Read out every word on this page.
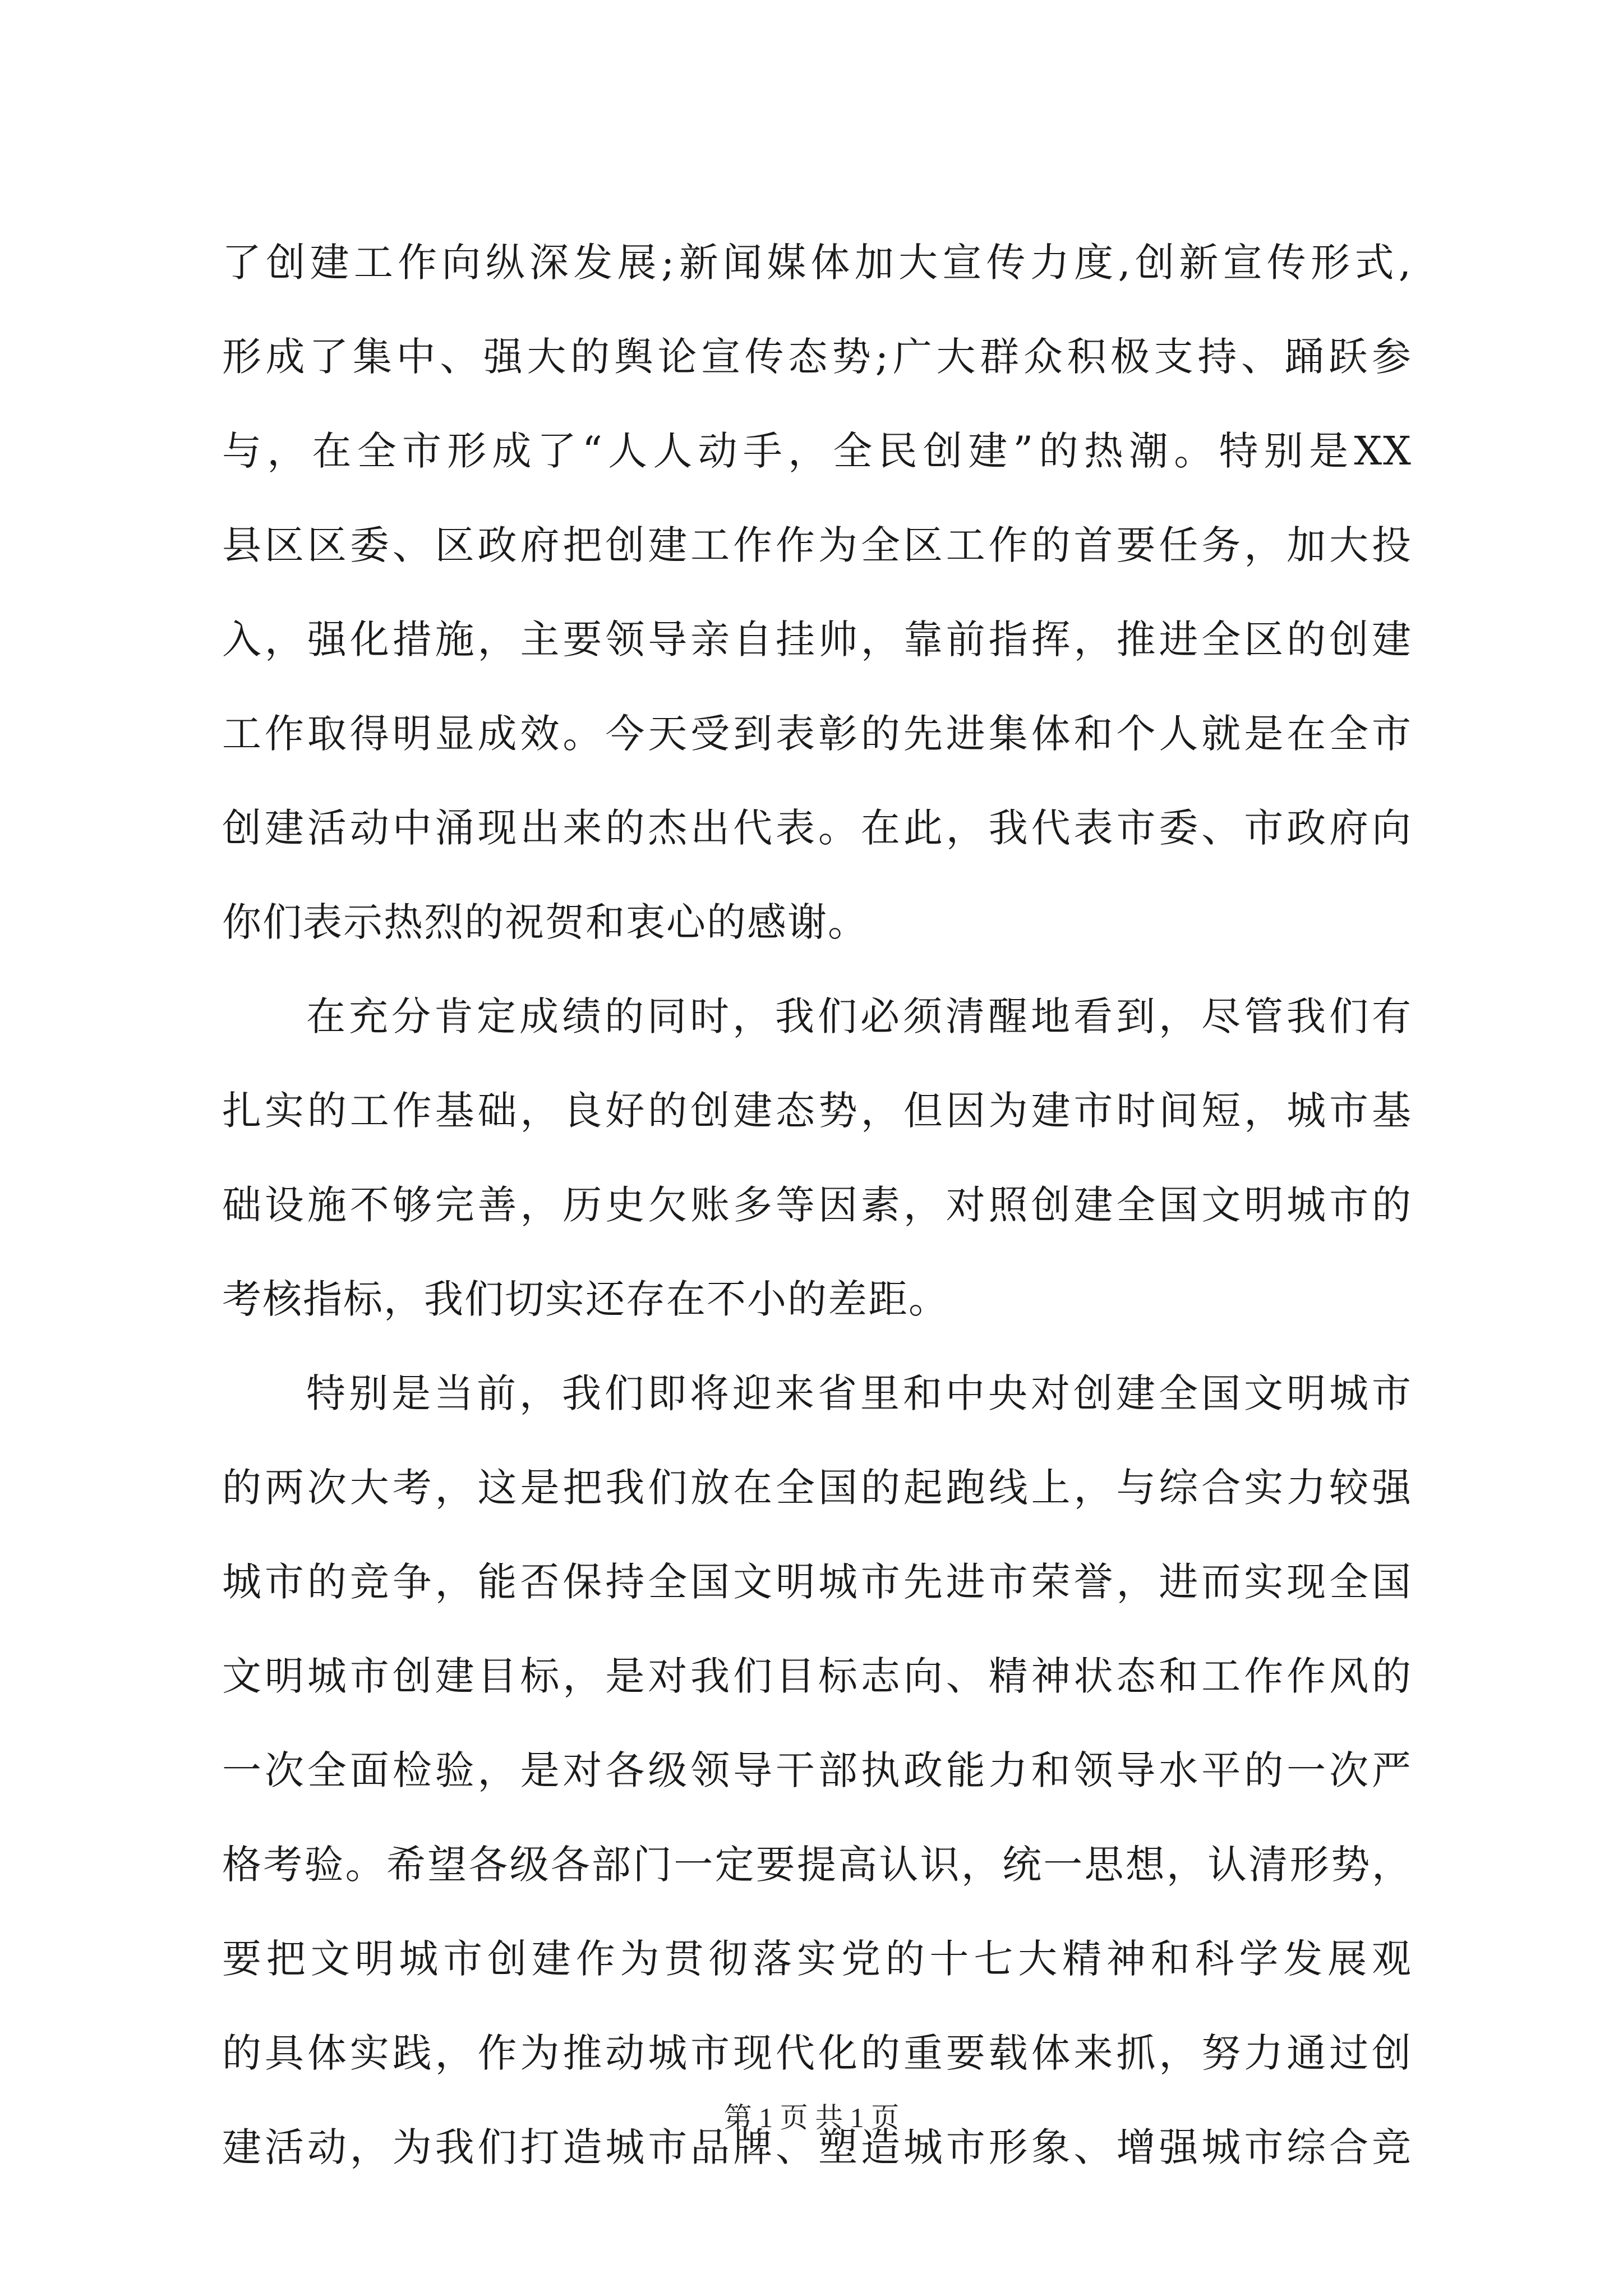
了创建工作向纵深发展;新闻媒体加大宣传力度,创新宣传形式,
形成了集中、强大的舆论宣传态势;广大群众积极支持、踊跃参
与，在全市形成了“人人动手，全民创建”的热潮。特别是XX
县区区委、区政府把创建工作作为全区工作的首要任务，加大投
入，强化措施，主要领导亲自挂帅，靠前指挥，推进全区的创建
工作取得明显成效。今天受到表彰的先进集体和个人就是在全市
创建活动中涌现出来的杰出代表。在此，我代表市委、市政府向
你们表示热烈的祝贺和衷心的感谢。
在充分肯定成绩的同时，我们必须清醒地看到，尽管我们有
扎实的工作基础，良好的创建态势，但因为建市时间短，城市基
础设施不够完善，历史欠账多等因素，对照创建全国文明城市的
考核指标，我们切实还存在不小的差距。
特别是当前，我们即将迎来省里和中央对创建全国文明城市
的两次大考，这是把我们放在全国的起跑线上，与综合实力较强
城市的竞争，能否保持全国文明城市先进市荣誉，进而实现全国
文明城市创建目标，是对我们目标志向、精神状态和工作作风的
一次全面检验，是对各级领导干部执政能力和领导水平的一次严
格考验。希望各级各部门一定要提高认识，统一思想，认清形势，
要把文明城市创建作为贯彻落实党的十七大精神和科学发展观
的具体实践，作为推动城市现代化的重要载体来抓，努力通过创
建活动，为我们打造城市品牌、塑造城市形象、增强城市综合竞
第 1 页 共 1 页
